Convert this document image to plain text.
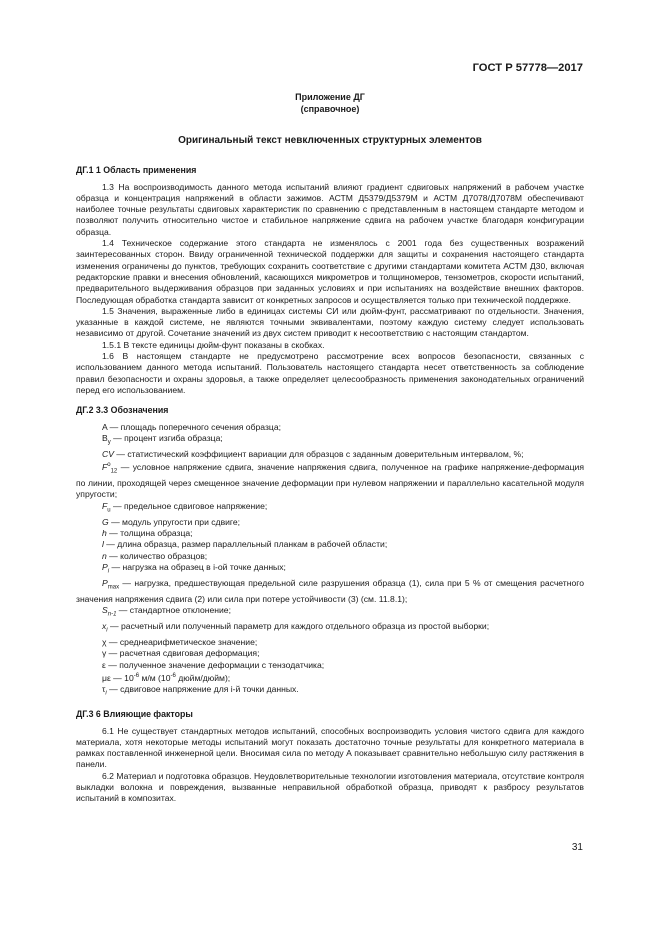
ГОСТ Р 57778—2017
Приложение ДГ
(справочное)
Оригинальный текст невключенных структурных элементов
ДГ.1 1 Область применения

1.3 На воспроизводимость данного метода испытаний влияют градиент сдвиговых напряжений в рабочем участке образца и концентрация напряжений в области зажимов. АСТМ Д5379/Д5379М и АСТМ Д7078/Д7078М обеспечивают наиболее точные результаты сдвиговых характеристик по сравнению с представленным в настоящем стандарте методом и позволяют получить относительно чистое и стабильное напряжение сдвига на рабочем участке благодаря конфигурации образца.

1.4 Техническое содержание этого стандарта не изменялось с 2001 года без существенных возражений заинтересованных сторон. Ввиду ограниченной технической поддержки для защиты и сохранения настоящего стандарта изменения ограничены до пунктов, требующих сохранить соответствие с другими стандартами комитета АСТМ Д30, включая редакторские правки и внесения обновлений, касающихся микрометров и толщиномеров, тензометров, скорости испытаний, предварительного выдерживания образцов при заданных условиях и при испытаниях на воздействие внешних факторов. Последующая обработка стандарта зависит от конкретных запросов и осуществляется только при технической поддержке.

1.5 Значения, выраженные либо в единицах системы СИ или дюйм-фунт, рассматривают по отдельности. Значения, указанные в каждой системе, не являются точными эквивалентами, поэтому каждую систему следует использовать независимо от другой. Сочетание значений из двух систем приводит к несоответствию с настоящим стандартом.

1.5.1 В тексте единицы дюйм-фунт показаны в скобках.

1.6 В настоящем стандарте не предусмотрено рассмотрение всех вопросов безопасности, связанных с использованием данного метода испытаний. Пользователь настоящего стандарта несет ответственность за соблюдение правил безопасности и охраны здоровья, а также определяет целесообразность применения законодательных ограничений перед его использованием.

ДГ.2 3.3 Обозначения

A — площадь поперечного сечения образца;

$B_y$ — процент изгиба образца;

CV — статистический коэффициент вариации для образцов с заданным доверительным интервалом, %;

$F^o_{12}$ — условное напряжение сдвига, значение напряжения сдвига, полученное на графике напряжение-деформация по линии, проходящей через смещенное значение деформации при нулевом напряжении и параллельно касательной модуля упругости;

$F_u$ — предельное сдвиговое напряжение;

G — модуль упругости при сдвиге;

h — толщина образца;

l — длина образца, размер параллельный планкам в рабочей области;

n — количество образцов;

$P_i$ — нагрузка на образец в i-ой точке данных;

$P_{max}$ — нагрузка, предшествующая предельной силе разрушения образца (1), сила при 5 % от смещения расчетного значения напряжения сдвига (2) или сила при потере устойчивости (3) (см. 11.8.1);

$S_{n-1}$ — стандартное отклонение;

$x_i$ — расчетный или полученный параметр для каждого отдельного образца из простой выборки;

χ — среднеарифметическое значение;

γ — расчетная сдвиговая деформация;

ε — полученное значение деформации с тензодатчика;

με — $10^{-6}$ м/м ($10^{-6}$ дюйм/дюйм);

$\tau_i$ — сдвиговое напряжение для i-й точки данных.

ДГ.3 6 Влияющие факторы

6.1 Не существует стандартных методов испытаний, способных воспроизводить условия чистого сдвига для каждого материала, хотя некоторые методы испытаний могут показать достаточно точные результаты для конкретного материала в рамках поставленной инженерной цели. Вносимая сила по методу А показывает сравнительно небольшую силу растяжения в панели.

6.2 Материал и подготовка образцов. Неудовлетворительные технологии изготовления материала, отсутствие контроля выкладки волокна и повреждения, вызванные неправильной обработкой образца, приводят к разбросу результатов испытаний в композитах.

31
